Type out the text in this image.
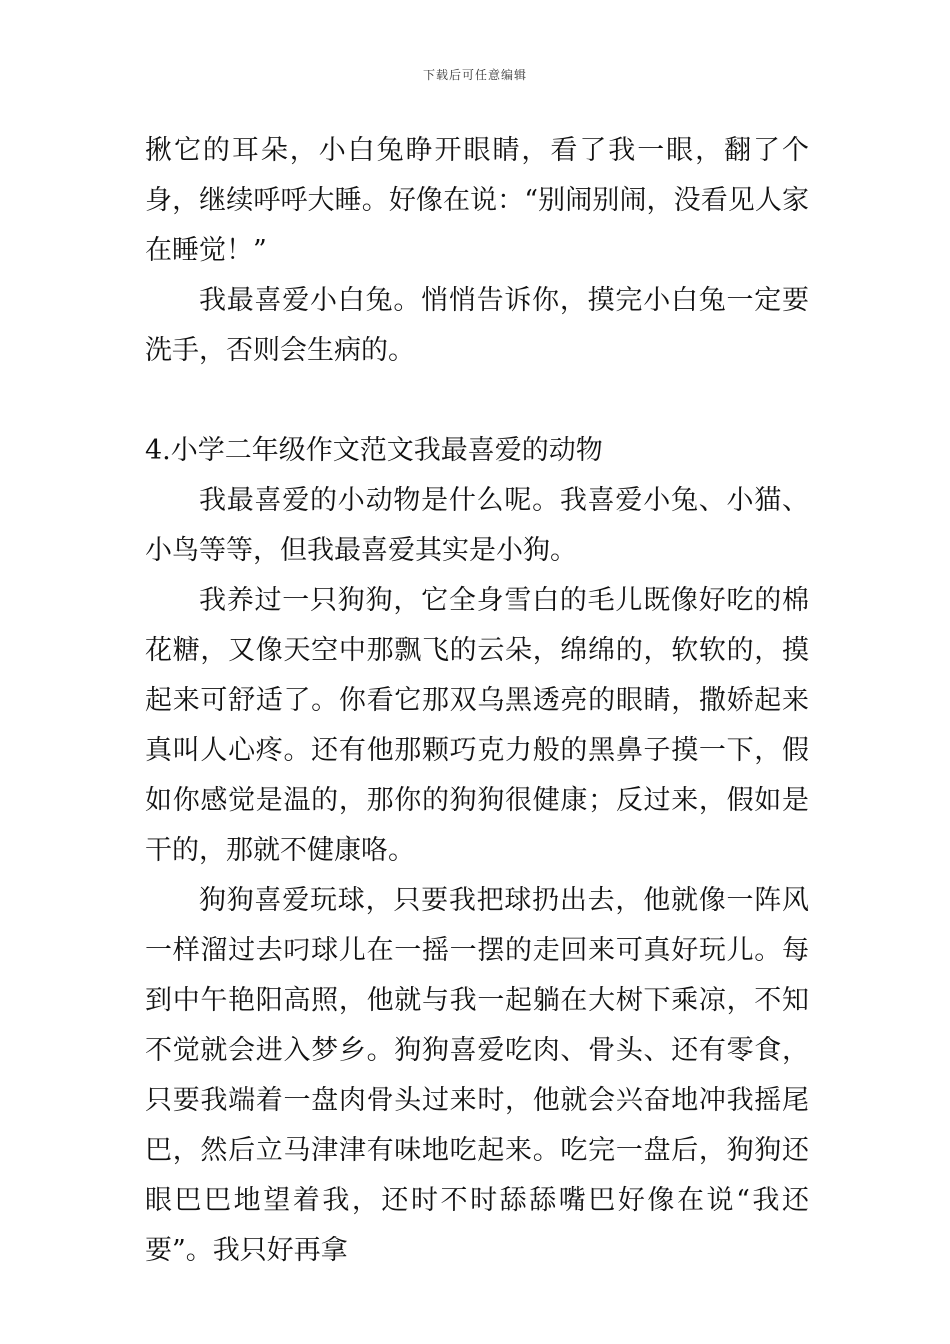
下载后可任意编辑

揪它的耳朵，小白兔睁开眼睛，看了我一眼，翻了个身，继续呼呼大睡。好像在说：“别闹别闹，没看见人家在睡觉！”

我最喜爱小白兔。悄悄告诉你，摸完小白兔一定要洗手，否则会生病的。

4.小学二年级作文范文我最喜爱的动物

我最喜爱的小动物是什么呢。我喜爱小兔、小猫、小鸟等等，但我最喜爱其实是小狗。

我养过一只狗狗，它全身雪白的毛儿既像好吃的棉花糖，又像天空中那飘飞的云朵，绵绵的，软软的，摸起来可舒适了。你看它那双乌黑透亮的眼睛，撒娇起来真叫人心疼。还有他那颗巧克力般的黑鼻子摸一下，假如你感觉是温的，那你的狗狗很健康；反过来，假如是干的，那就不健康咯。

狗狗喜爱玩球，只要我把球扔出去，他就像一阵风一样溜过去叼球儿在一摇一摆的走回来可真好玩儿。每到中午艳阳高照，他就与我一起躺在大树下乘凉，不知不觉就会进入梦乡。狗狗喜爱吃肉、骨头、还有零食，只要我端着一盘肉骨头过来时，他就会兴奋地冲我摇尾巴，然后立马津津有味地吃起来。吃完一盘后，狗狗还眼巴巴地望着我，还时不时舔舔嘴巴好像在说“我还要”。我只好再拿
